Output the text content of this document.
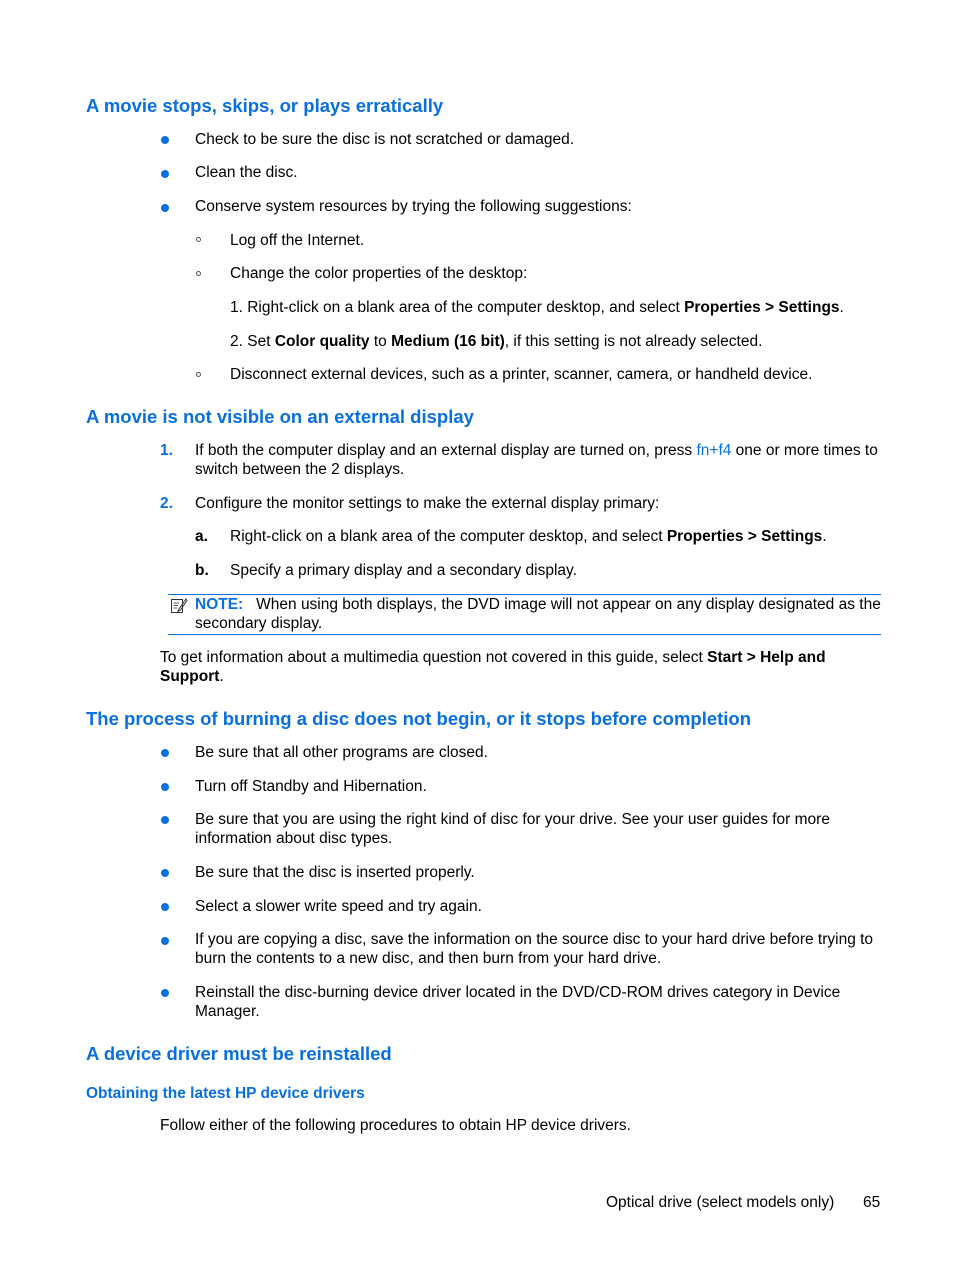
A movie stops, skips, or plays erratically
Check to be sure the disc is not scratched or damaged.
Clean the disc.
Conserve system resources by trying the following suggestions:
Log off the Internet.
Change the color properties of the desktop:
1. Right-click on a blank area of the computer desktop, and select Properties > Settings.
2. Set Color quality to Medium (16 bit), if this setting is not already selected.
Disconnect external devices, such as a printer, scanner, camera, or handheld device.
A movie is not visible on an external display
1. If both the computer display and an external display are turned on, press fn+f4 one or more times to switch between the 2 displays.
2. Configure the monitor settings to make the external display primary:
a. Right-click on a blank area of the computer desktop, and select Properties > Settings.
b. Specify a primary display and a secondary display.
NOTE: When using both displays, the DVD image will not appear on any display designated as the secondary display.
To get information about a multimedia question not covered in this guide, select Start > Help and Support.
The process of burning a disc does not begin, or it stops before completion
Be sure that all other programs are closed.
Turn off Standby and Hibernation.
Be sure that you are using the right kind of disc for your drive. See your user guides for more information about disc types.
Be sure that the disc is inserted properly.
Select a slower write speed and try again.
If you are copying a disc, save the information on the source disc to your hard drive before trying to burn the contents to a new disc, and then burn from your hard drive.
Reinstall the disc-burning device driver located in the DVD/CD-ROM drives category in Device Manager.
A device driver must be reinstalled
Obtaining the latest HP device drivers
Follow either of the following procedures to obtain HP device drivers.
Optical drive (select models only) 65
